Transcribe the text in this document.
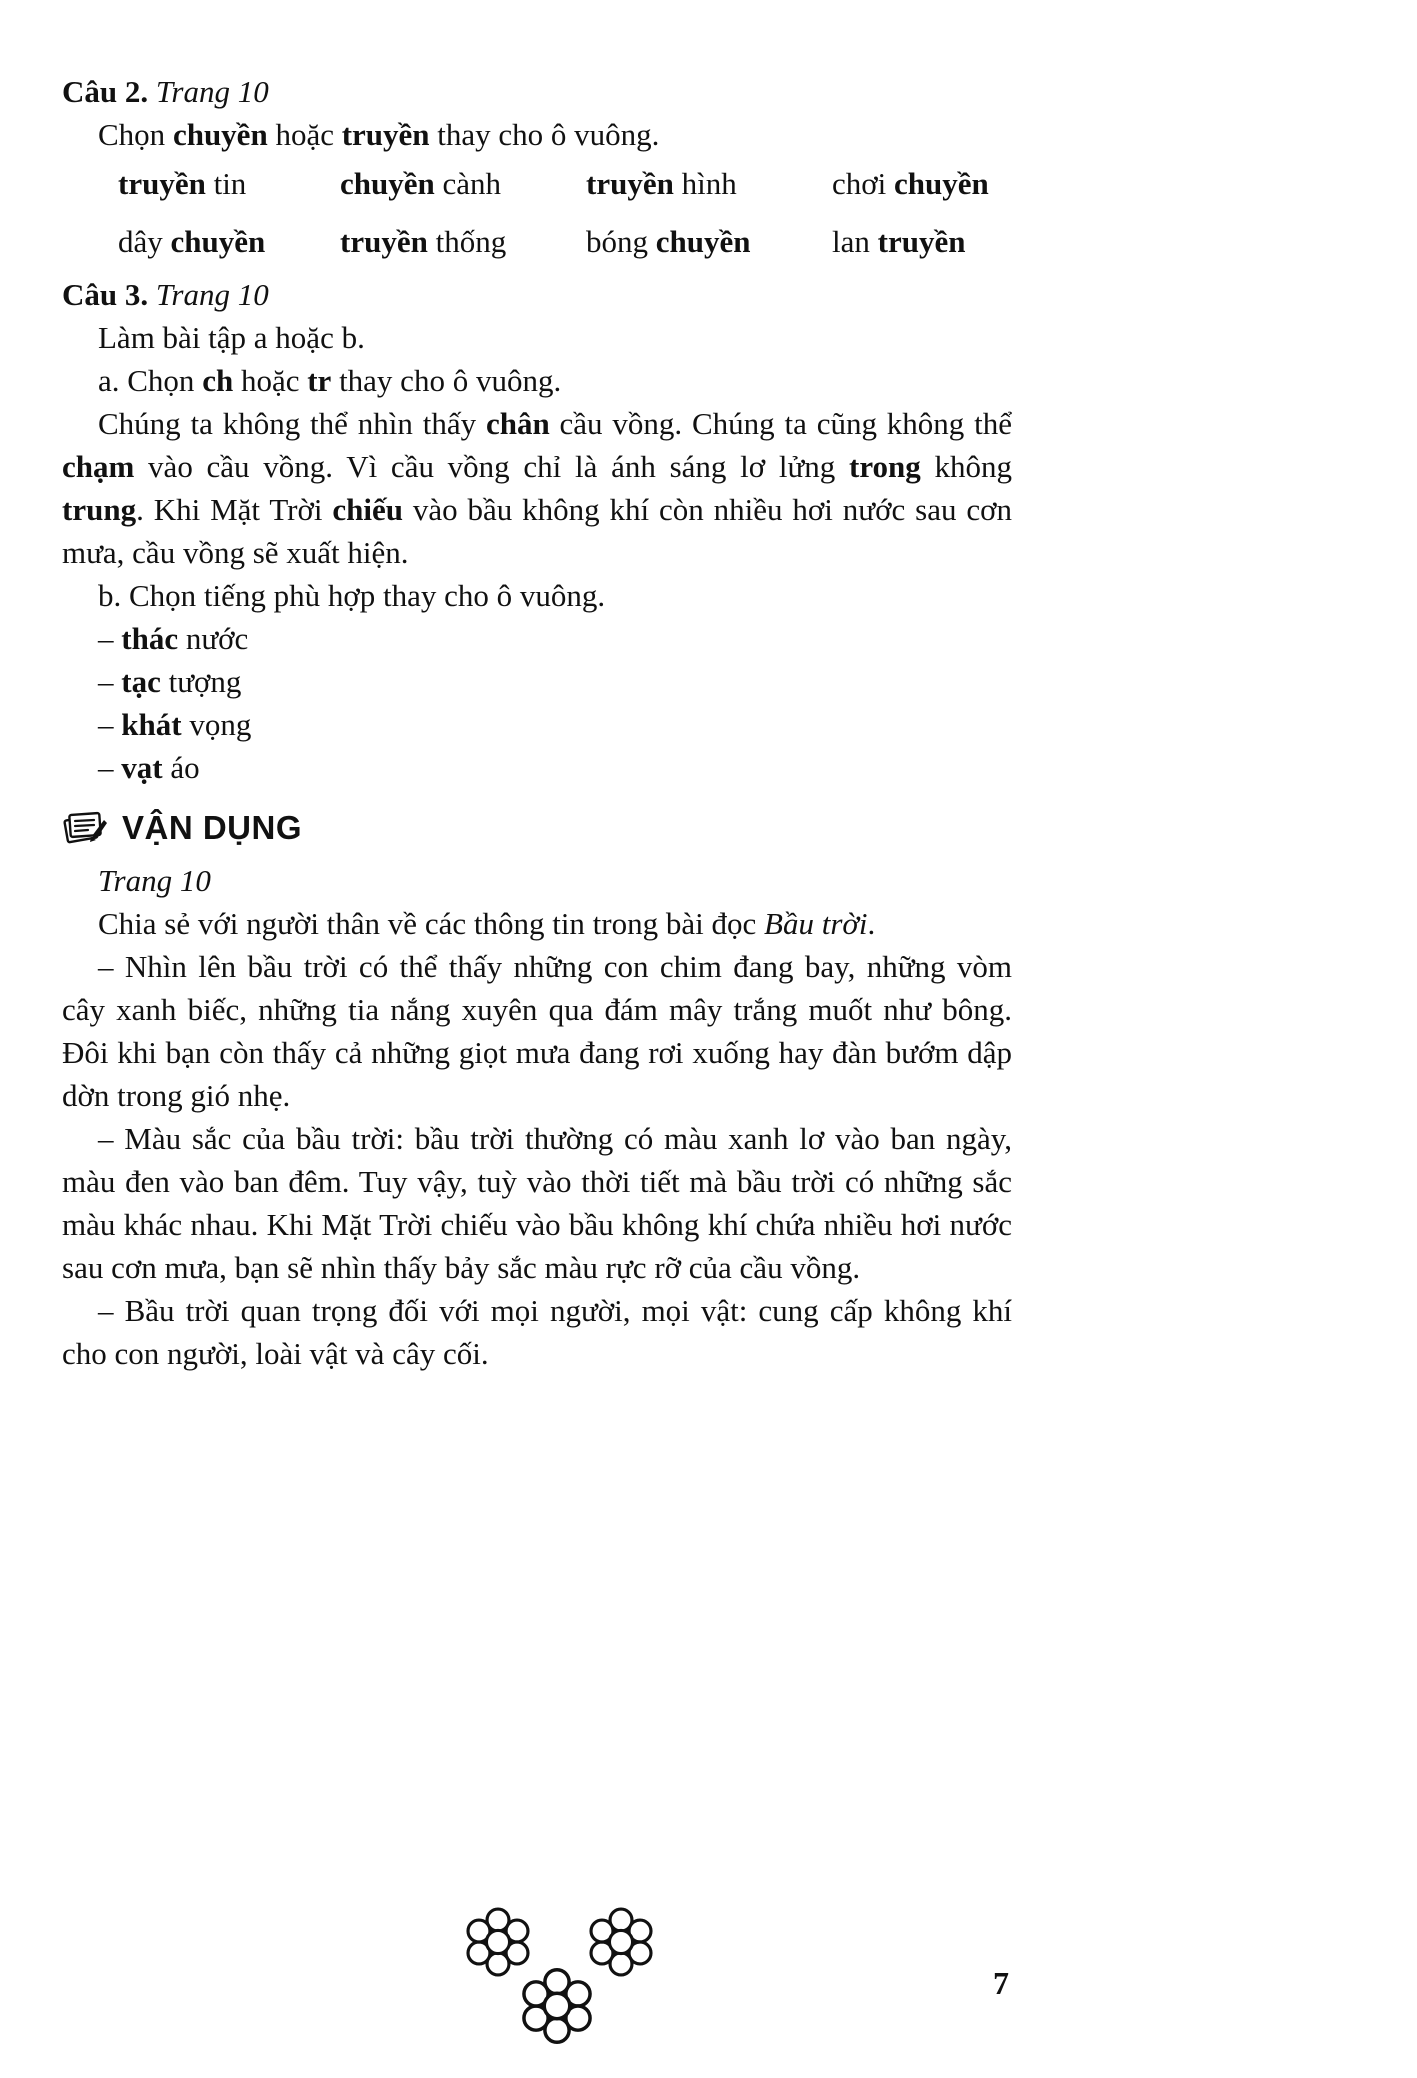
Câu 2. Trang 10

Chọn chuyền hoặc truyền thay cho ô vuông.

truyền tin	chuyền cành	truyền hình	chơi chuyền
dây chuyền	truyền thống	bóng chuyền	lan truyền

Câu 3. Trang 10

Làm bài tập a hoặc b.

a. Chọn ch hoặc tr thay cho ô vuông.

Chúng ta không thể nhìn thấy chân cầu vồng. Chúng ta cũng không thể chạm vào cầu vồng. Vì cầu vồng chỉ là ánh sáng lơ lửng trong không trung. Khi Mặt Trời chiếu vào bầu không khí còn nhiều hơi nước sau cơn mưa, cầu vồng sẽ xuất hiện.

b. Chọn tiếng phù hợp thay cho ô vuông.

– thác nước

– tạc tượng

– khát vọng

– vạt áo

VẬN DỤNG

Trang 10

Chia sẻ với người thân về các thông tin trong bài đọc Bầu trời.

– Nhìn lên bầu trời có thể thấy những con chim đang bay, những vòm cây xanh biếc, những tia nắng xuyên qua đám mây trắng muốt như bông. Đôi khi bạn còn thấy cả những giọt mưa đang rơi xuống hay đàn bướm dập dờn trong gió nhẹ.

– Màu sắc của bầu trời: bầu trời thường có màu xanh lơ vào ban ngày, màu đen vào ban đêm. Tuy vậy, tuỳ vào thời tiết mà bầu trời có những sắc màu khác nhau. Khi Mặt Trời chiếu vào bầu không khí chứa nhiều hơi nước sau cơn mưa, bạn sẽ nhìn thấy bảy sắc màu rực rỡ của cầu vồng.

– Bầu trời quan trọng đối với mọi người, mọi vật: cung cấp không khí cho con người, loài vật và cây cối.

7
